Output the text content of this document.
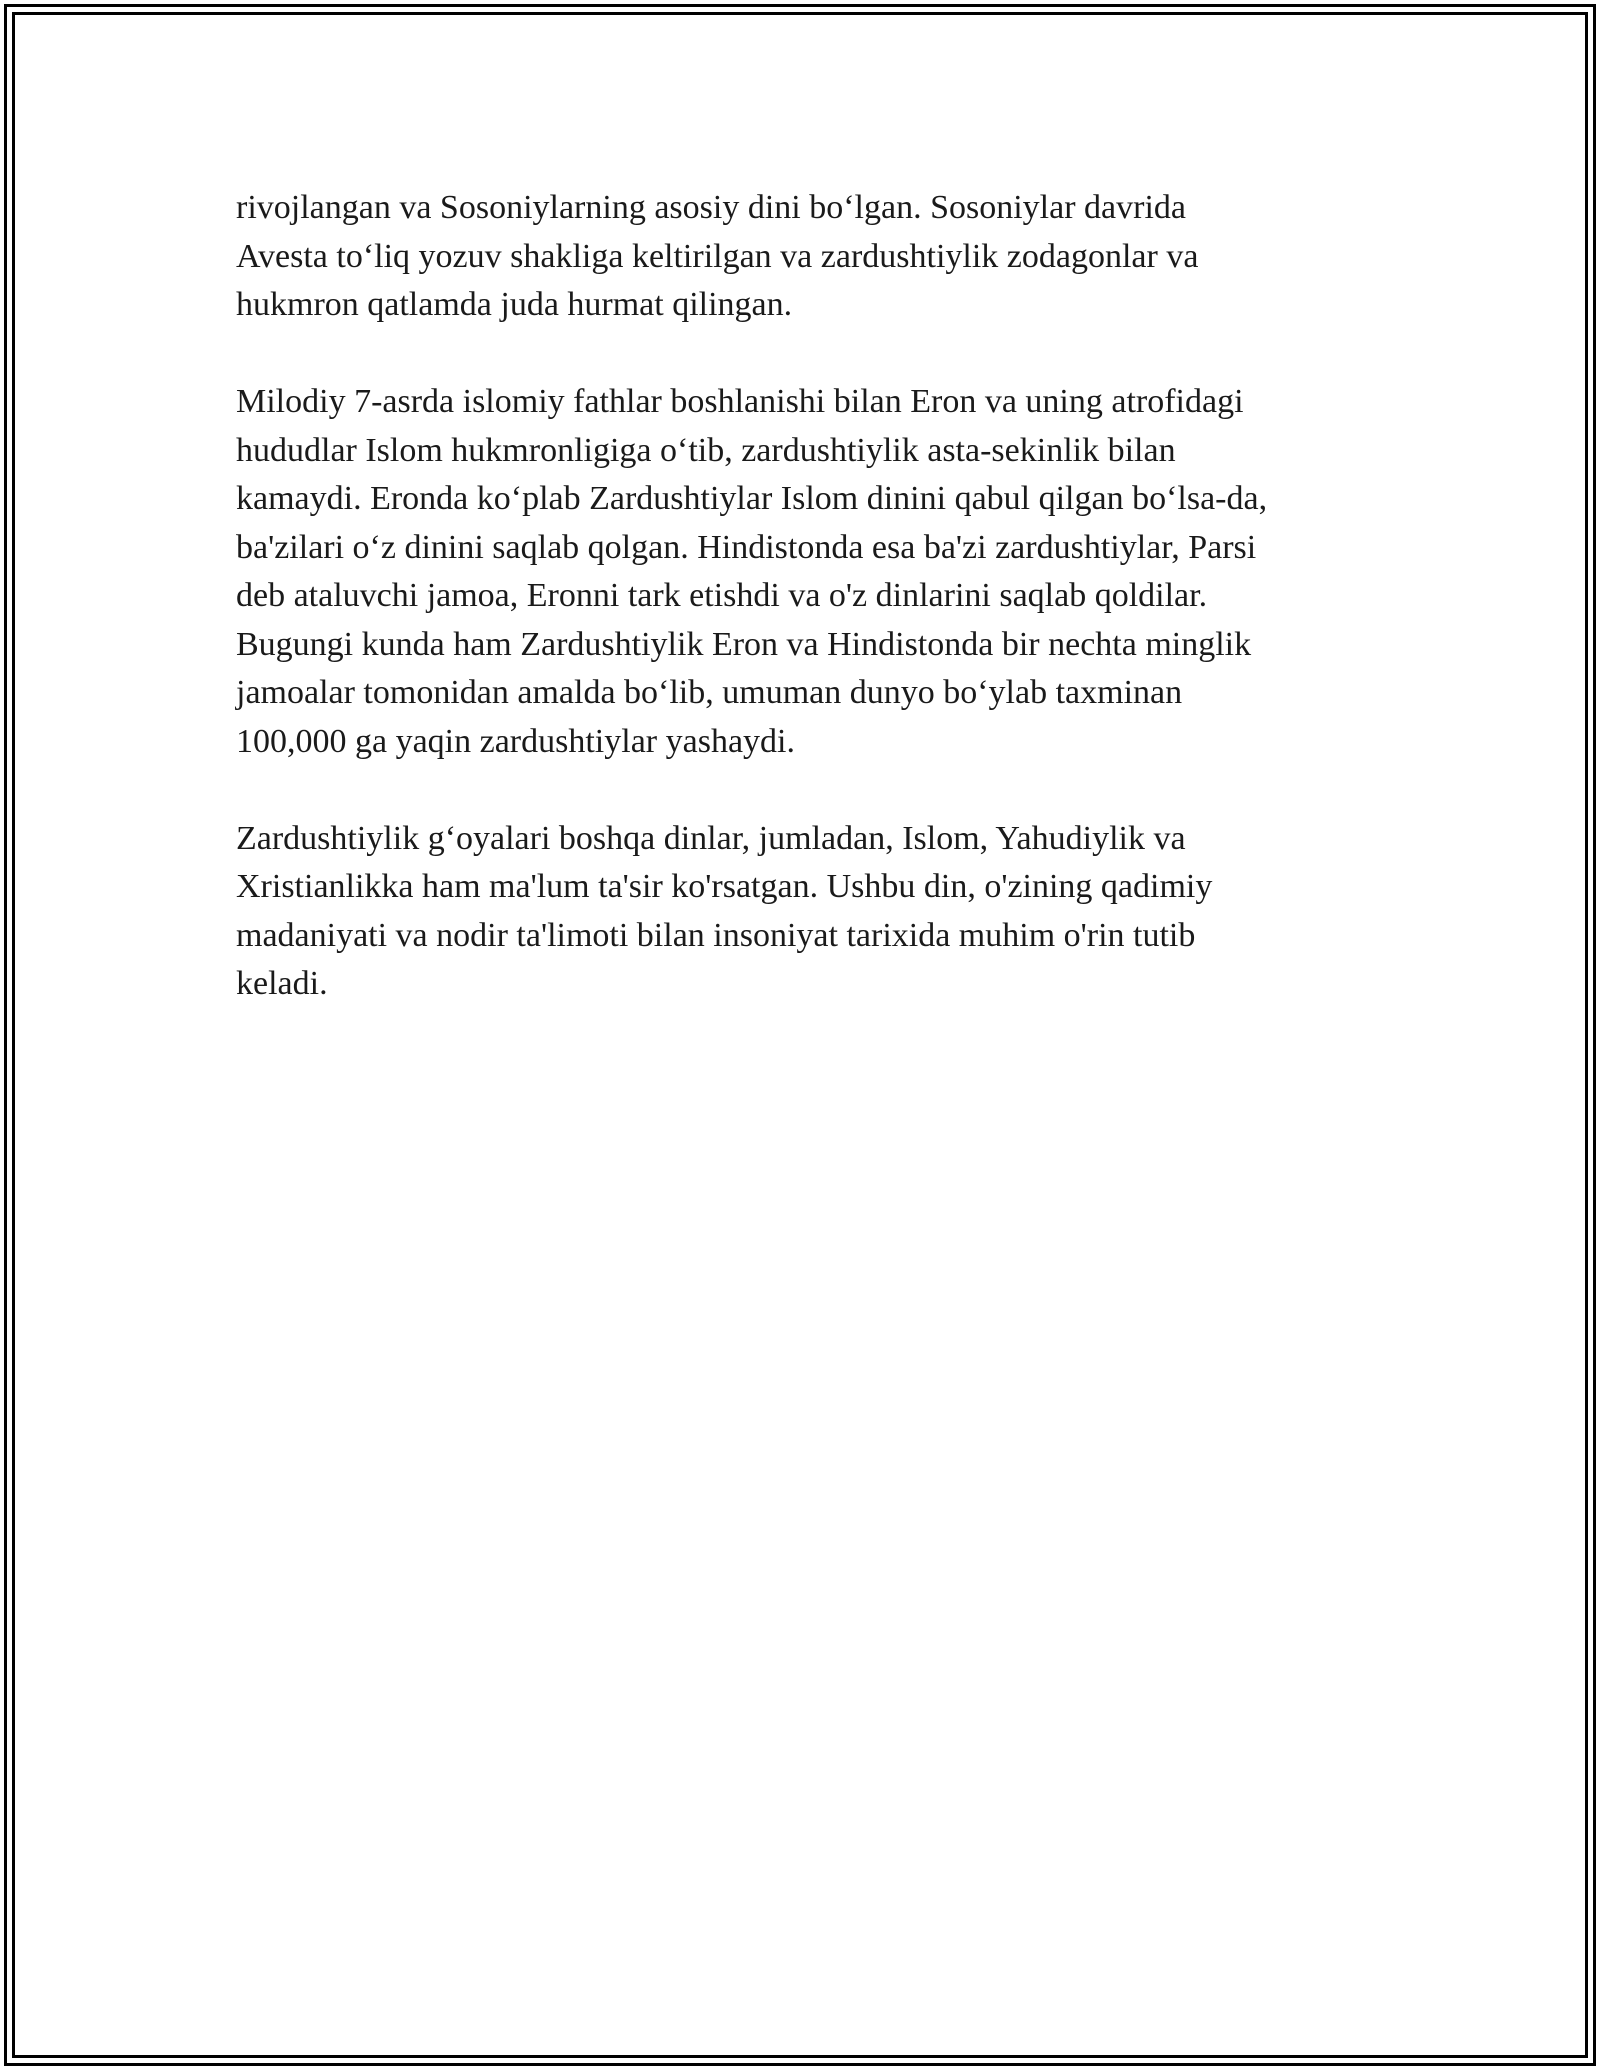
rivojlangan va Sosoniylarning asosiy dini bo‘lgan. Sosoniylar davrida
Avesta to‘liq yozuv shakliga keltirilgan va zardushtiylik zodagonlar va
hukmron qatlamda juda hurmat qilingan.

Milodiy 7-asrda islomiy fathlar boshlanishi bilan Eron va uning atrofidagi
hududlar Islom hukmronligiga o‘tib, zardushtiylik asta-sekinlik bilan
kamaydi. Eronda ko‘plab Zardushtiylar Islom dinini qabul qilgan bo‘lsa-da,
ba'zilari o‘z dinini saqlab qolgan. Hindistonda esa ba'zi zardushtiylar, Parsi
deb ataluvchi jamoa, Eronni tark etishdi va o'z dinlarini saqlab qoldilar.
Bugungi kunda ham Zardushtiylik Eron va Hindistonda bir nechta minglik
jamoalar tomonidan amalda bo‘lib, umuman dunyo bo‘ylab taxminan
100,000 ga yaqin zardushtiylar yashaydi.

Zardushtiylik g‘oyalari boshqa dinlar, jumladan, Islom, Yahudiylik va
Xristianlikka ham ma'lum ta'sir ko'rsatgan. Ushbu din, o'zining qadimiy
madaniyati va nodir ta'limoti bilan insoniyat tarixida muhim o'rin tutib
keladi.
